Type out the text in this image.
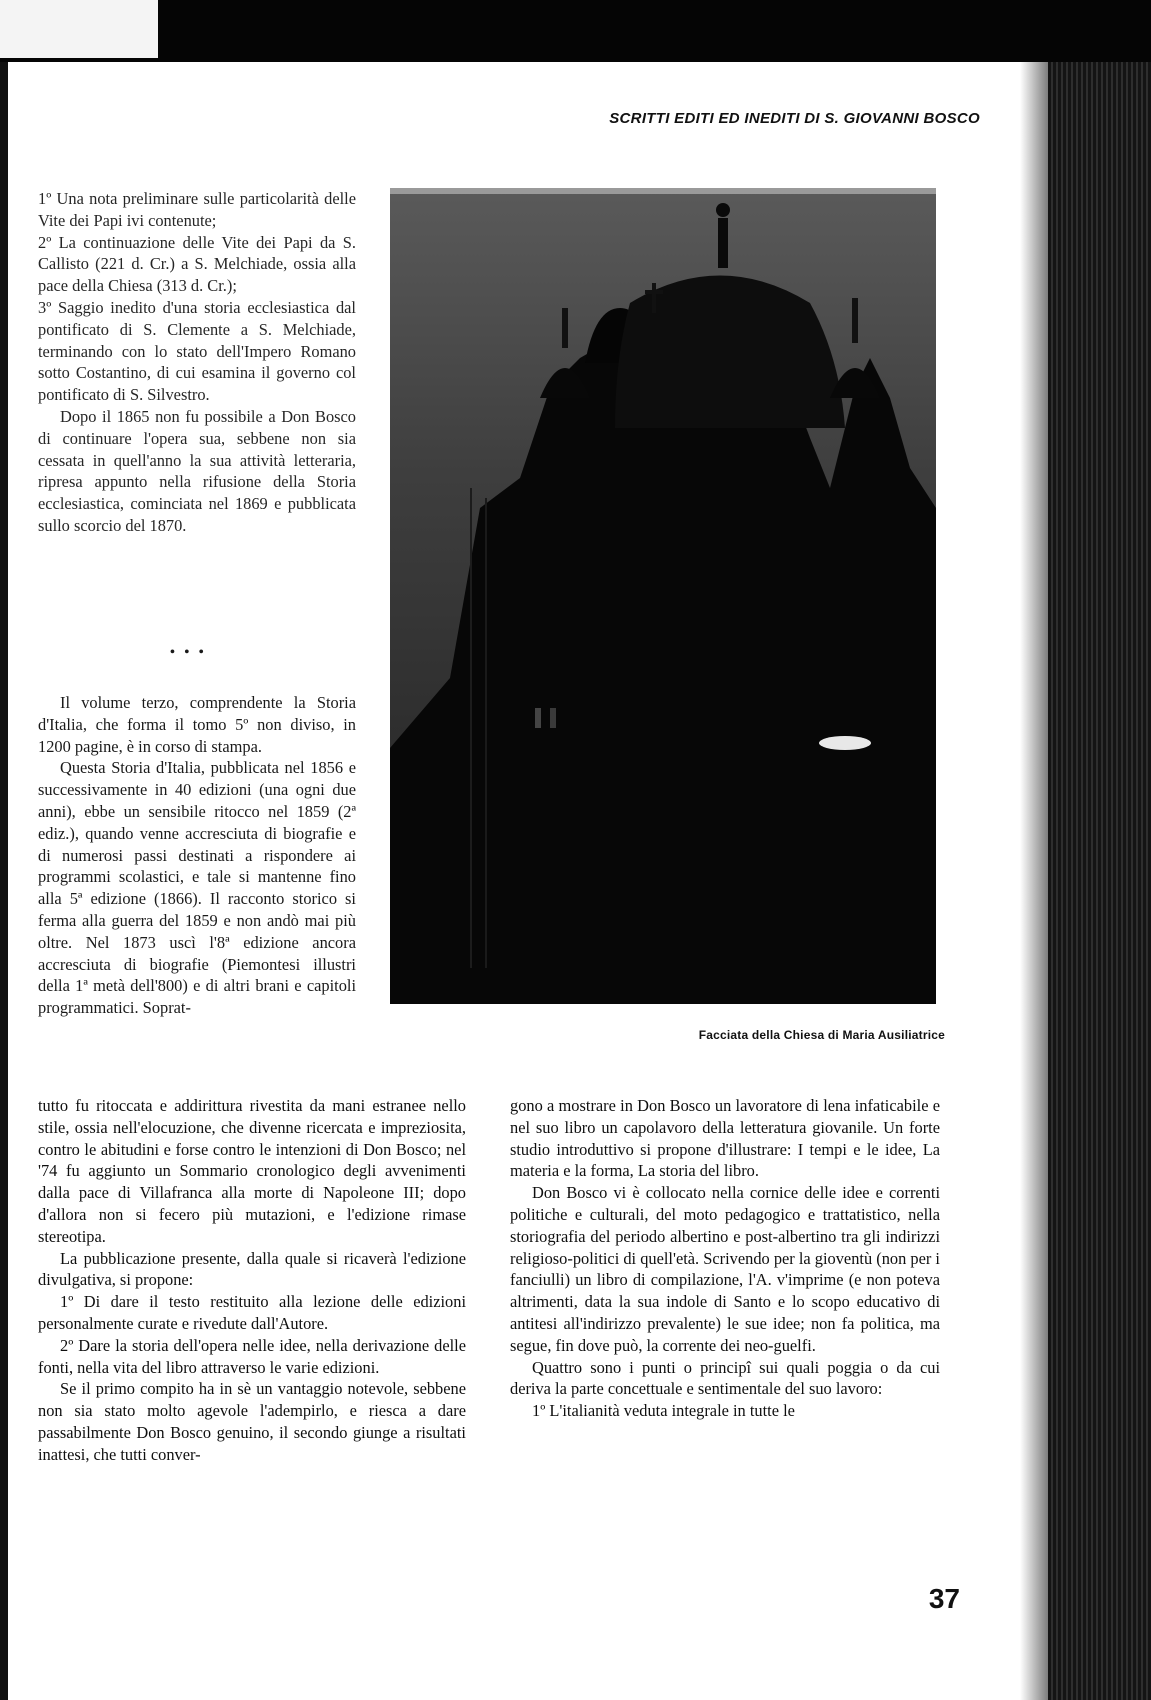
SCRITTI EDITI ED INEDITI DI S. GIOVANNI BOSCO

1º Una nota preliminare sulle particolarità delle Vite dei Papi ivi contenute;

2º La continuazione delle Vite dei Papi da S. Callisto (221 d. Cr.) a S. Melchiade, ossia alla pace della Chiesa (313 d. Cr.);

3º Saggio inedito d'una storia ecclesiastica dal pontificato di S. Clemente a S. Melchiade, terminando con lo stato dell'Impero Romano sotto Costantino, di cui esamina il governo col pontificato di S. Silvestro.

Dopo il 1865 non fu possibile a Don Bosco di continuare l'opera sua, sebbene non sia cessata in quell'anno la sua attività letteraria, ripresa appunto nella rifusione della Storia ecclesiastica, cominciata nel 1869 e pubblicata sullo scorcio del 1870.

• • •

Il volume terzo, comprendente la Storia d'Italia, che forma il tomo 5º non diviso, in 1200 pagine, è in corso di stampa.

Questa Storia d'Italia, pubblicata nel 1856 e successivamente in 40 edizioni (una ogni due anni), ebbe un sensibile ritocco nel 1859 (2ª ediz.), quando venne accresciuta di biografie e di numerosi passi destinati a rispondere ai programmi scolastici, e tale si mantenne fino alla 5ª edizione (1866). Il racconto storico si ferma alla guerra del 1859 e non andò mai più oltre. Nel 1873 uscì l'8ª edizione ancora accresciuta di biografie (Piemontesi illustri della 1ª metà dell'800) e di altri brani e capitoli programmatici. Soprat-

Facciata della Chiesa di Maria Ausiliatrice

tutto fu ritoccata e addirittura rivestita da mani estranee nello stile, ossia nell'elocuzione, che divenne ricercata e impreziosita, contro le abitudini e forse contro le intenzioni di Don Bosco; nel '74 fu aggiunto un Sommario cronologico degli avvenimenti dalla pace di Villafranca alla morte di Napoleone III; dopo d'allora non si fecero più mutazioni, e l'edizione rimase stereotipa.

La pubblicazione presente, dalla quale si ricaverà l'edizione divulgativa, si propone:

1º Di dare il testo restituito alla lezione delle edizioni personalmente curate e rivedute dall'Autore.

2º Dare la storia dell'opera nelle idee, nella derivazione delle fonti, nella vita del libro attraverso le varie edizioni.

Se il primo compito ha in sè un vantaggio notevole, sebbene non sia stato molto agevole l'adempirlo, e riesca a dare passabilmente Don Bosco genuino, il secondo giunge a risultati inattesi, che tutti conver-

gono a mostrare in Don Bosco un lavoratore di lena infaticabile e nel suo libro un capolavoro della letteratura giovanile. Un forte studio introduttivo si propone d'illustrare: I tempi e le idee, La materia e la forma, La storia del libro.

Don Bosco vi è collocato nella cornice delle idee e correnti politiche e culturali, del moto pedagogico e trattatistico, nella storiografia del periodo albertino e post-albertino tra gli indirizzi religioso-politici di quell'età. Scrivendo per la gioventù (non per i fanciulli) un libro di compilazione, l'A. v'imprime (e non poteva altrimenti, data la sua indole di Santo e lo scopo educativo di antitesi all'indirizzo prevalente) le sue idee; non fa politica, ma segue, fin dove può, la corrente dei neo-guelfi.

Quattro sono i punti o principî sui quali poggia o da cui deriva la parte concettuale e sentimentale del suo lavoro:

1º L'italianità veduta integrale in tutte le

37
